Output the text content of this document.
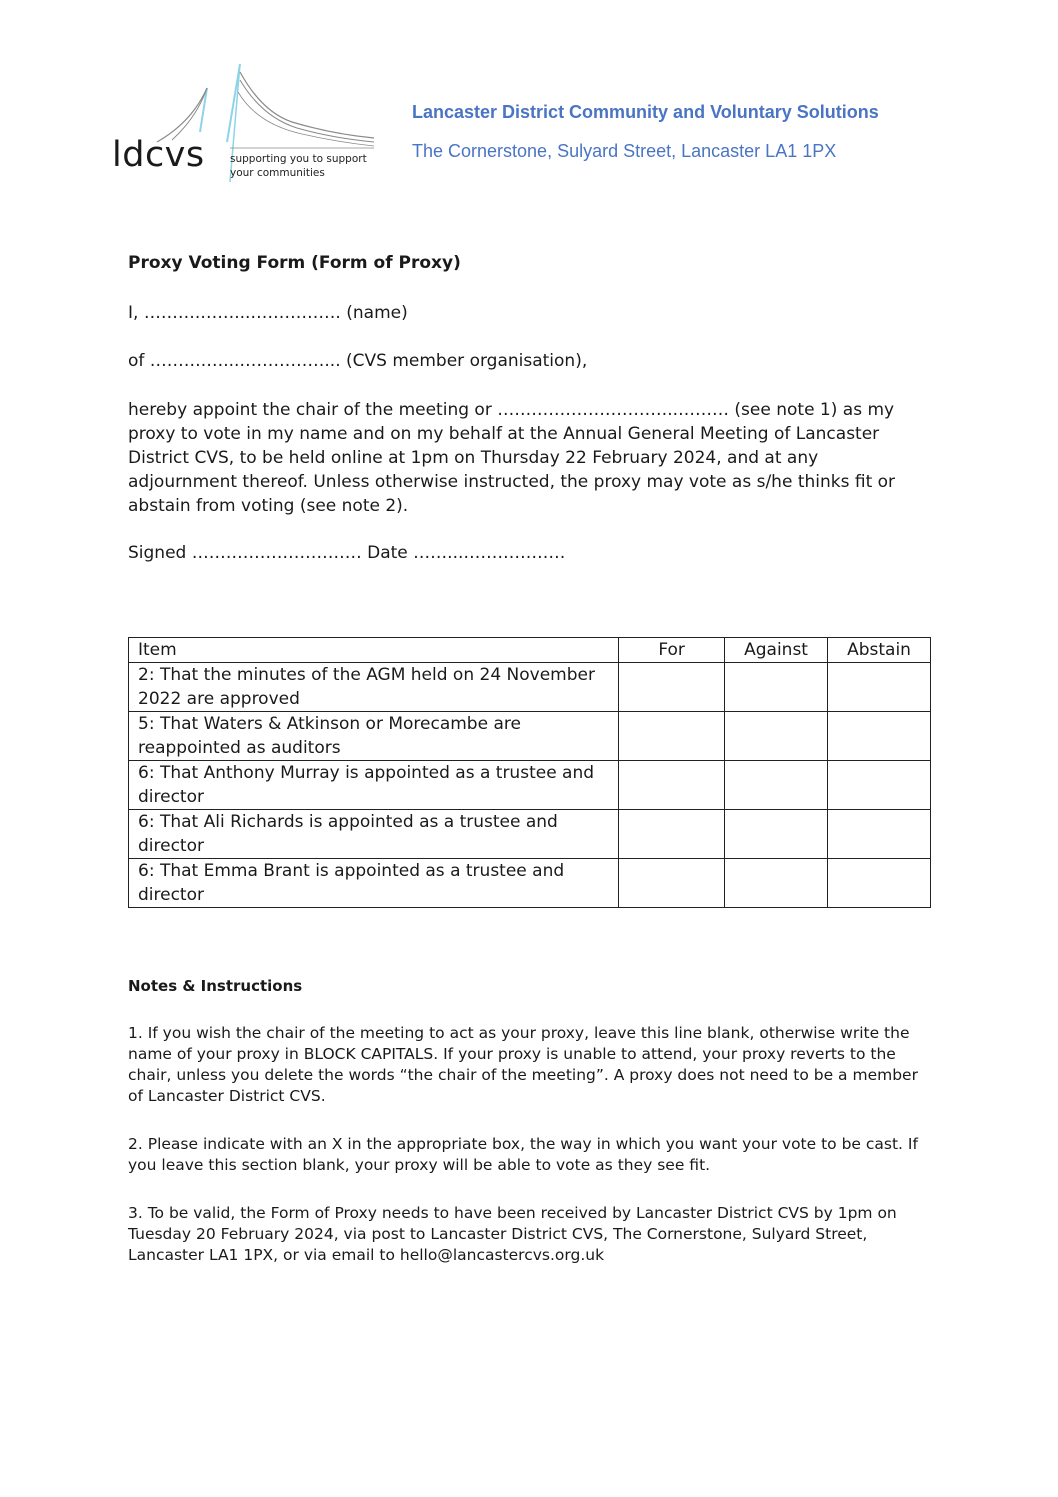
ldcvs supporting you to support
your communities
Lancaster District Community and Voluntary Solutions
The Cornerstone, Sulyard Street, Lancaster LA1 1PX
Proxy Voting Form (Form of Proxy)
I, ……….……...……………. (name)
of ……….…...……………... (CVS member organisation),
hereby appoint the chair of the meeting or …………………………..……… (see note 1) as my proxy to vote in my name and on my behalf at the Annual General Meeting of Lancaster District CVS, to be held online at 1pm on Thursday 22 February 2024, and at any adjournment thereof. Unless otherwise instructed, the proxy may vote as s/he thinks fit or abstain from voting (see note 2).
Signed ………………………… Date ……...………………
Item	For	Against	Abstain
2: That the minutes of the AGM held on 24 November 2022 are approved			
5: That Waters & Atkinson or Morecambe are reappointed as auditors			
6: That Anthony Murray is appointed as a trustee and director			
6: That Ali Richards is appointed as a trustee and director			
6: That Emma Brant is appointed as a trustee and director			
Notes & Instructions
1. If you wish the chair of the meeting to act as your proxy, leave this line blank, otherwise write the name of your proxy in BLOCK CAPITALS. If your proxy is unable to attend, your proxy reverts to the chair, unless you delete the words “the chair of the meeting”. A proxy does not need to be a member of Lancaster District CVS.
2. Please indicate with an X in the appropriate box, the way in which you want your vote to be cast. If you leave this section blank, your proxy will be able to vote as they see fit.
3. To be valid, the Form of Proxy needs to have been received by Lancaster District CVS by 1pm on Tuesday 20 February 2024, via post to Lancaster District CVS, The Cornerstone, Sulyard Street, Lancaster LA1 1PX, or via email to hello@lancastercvs.org.uk
